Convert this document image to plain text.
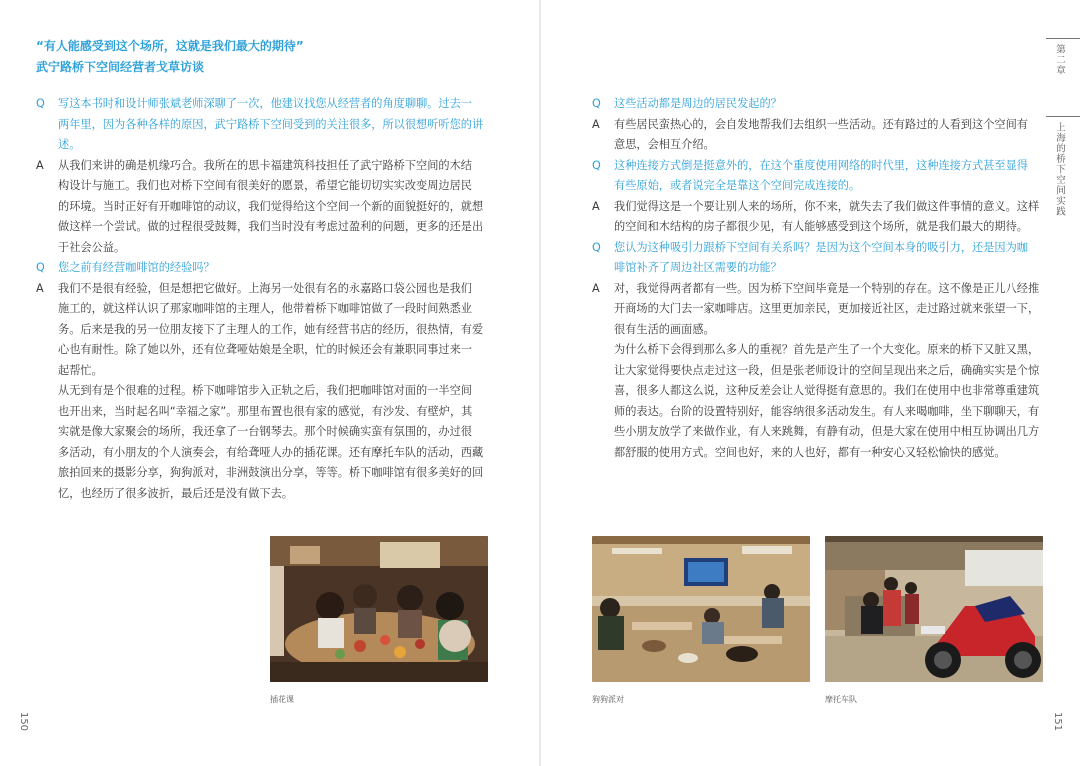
“有人能感受到这个场所，这就是我们最大的期待”
武宁路桥下空间经营者戈草访谈
Q 写这本书时和设计师张斌老师深聊了一次，他建议找您从经营者的角度聊聊。过去一
两年里，因为各种各样的原因，武宁路桥下空间受到的关注很多，所以很想听听您的讲
述。
A 从我们来讲的确是机缘巧合。我所在的思卡福建筑科技担任了武宁路桥下空间的木结
构设计与施工。我们也对桥下空间有很美好的愿景，希望它能切切实实改变周边居民
的环境。当时正好有开咖啡馆的动议，我们觉得给这个空间一个新的面貌挺好的，就想
做这样一个尝试。做的过程很受鼓舞，我们当时没有考虑过盈利的问题，更多的还是出
于社会公益。
Q 您之前有经营咖啡馆的经验吗？
A 我们不是很有经验，但是想把它做好。上海另一处很有名的永嘉路口袋公园也是我们
施工的，就这样认识了那家咖啡馆的主理人，他带着桥下咖啡馆做了一段时间熟悉业
务。后来是我的另一位朋友接下了主理人的工作，她有经营书店的经历，很热情，有爱
心也有耐性。除了她以外，还有位聋哑姑娘是全职，忙的时候还会有兼职同事过来一
起帮忙。
从无到有是个很难的过程。桥下咖啡馆步入正轨之后，我们把咖啡馆对面的一半空间
也开出来，当时起名叫“幸福之家”。那里布置也很有家的感觉，有沙发、有壁炉，其
实就是像大家聚会的场所，我还拿了一台钢琴去。那个时候确实蛮有氛围的，办过很
多活动，有小朋友的个人演奏会，有给聋哑人办的插花课。还有摩托车队的活动，西藏
旅拍回来的摄影分享，狗狗派对，非洲鼓演出分享，等等。桥下咖啡馆有很多美好的回
忆，也经历了很多波折，最后还是没有做下去。
Q 这些活动都是周边的居民发起的？
A 有些居民蛮热心的，会自发地帮我们去组织一些活动。还有路过的人看到这个空间有
意思，会相互介绍。
Q 这种连接方式倒是挺意外的，在这个重度使用网络的时代里，这种连接方式甚至显得
有些原始，或者说完全是靠这个空间完成连接的。
A 我们觉得这是一个要让别人来的场所，你不来，就失去了我们做这件事情的意义。这样
的空间和木结构的房子都很少见，有人能够感受到这个场所，就是我们最大的期待。
Q 您认为这种吸引力跟桥下空间有关系吗？是因为这个空间本身的吸引力，还是因为咖
啡馆补齐了周边社区需要的功能？
A 对，我觉得两者都有一些。因为桥下空间毕竟是一个特别的存在。这不像是正儿八经推
开商场的大门去一家咖啡店。这里更加亲民，更加接近社区，走过路过就来张望一下，
很有生活的画面感。
为什么桥下会得到那么多人的重视？首先是产生了一个大变化。原来的桥下又脏又黑，
让大家觉得要快点走过这一段，但是张老师设计的空间呈现出来之后，确确实实是个惊
喜，很多人都这么说，这种反差会让人觉得挺有意思的。我们在使用中也非常尊重建筑
师的表达。台阶的设置特别好，能容纳很多活动发生。有人来喝咖啡，坐下聊聊天，有
些小朋友放学了来做作业，有人来跳舞，有静有动，但是大家在使用中相互协调出几方
都舒服的使用方式。空间也好，来的人也好，都有一种安心又轻松愉快的感觉。
第二章
上海的桥下空间实践
150	151
插花课	狗狗派对	摩托车队
